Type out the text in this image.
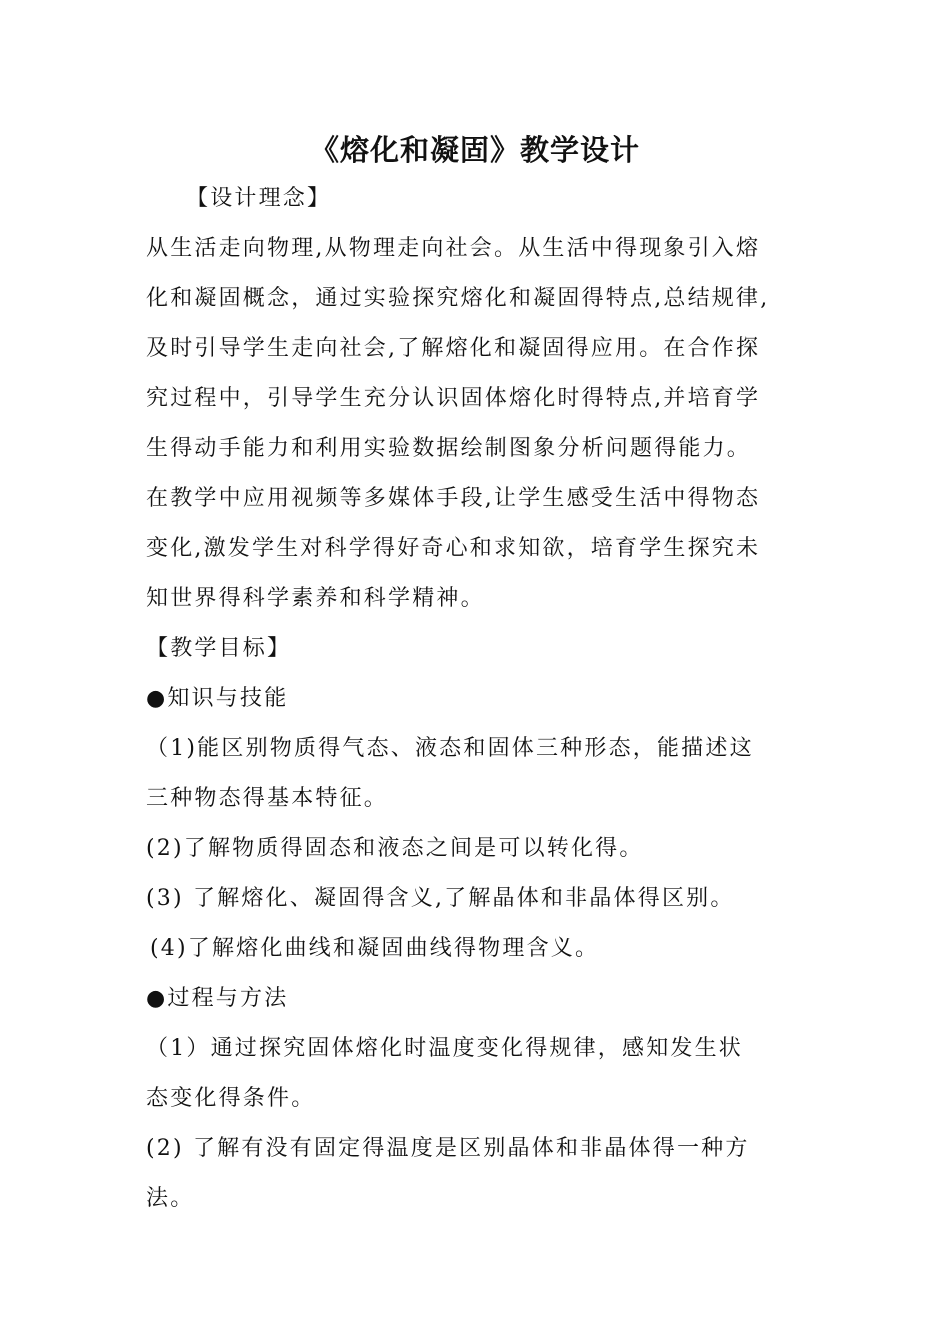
《熔化和凝固》教学设计
【设计理念】
从生活走向物理,从物理走向社会。从生活中得现象引入熔
化和凝固概念，通过实验探究熔化和凝固得特点,总结规律,
及时引导学生走向社会,了解熔化和凝固得应用。在合作探
究过程中，引导学生充分认识固体熔化时得特点,并培育学
生得动手能力和利用实验数据绘制图象分析问题得能力。
在教学中应用视频等多媒体手段,让学生感受生活中得物态
变化,激发学生对科学得好奇心和求知欲，培育学生探究未
知世界得科学素养和科学精神。
【教学目标】
●知识与技能
（1)能区别物质得气态、液态和固体三种形态，能描述这
三种物态得基本特征。
(2)了解物质得固态和液态之间是可以转化得。
(3) 了解熔化、凝固得含义,了解晶体和非晶体得区别。
(4)了解熔化曲线和凝固曲线得物理含义。
●过程与方法
（1）通过探究固体熔化时温度变化得规律，感知发生状
态变化得条件。
(2) 了解有没有固定得温度是区别晶体和非晶体得一种方
法。
